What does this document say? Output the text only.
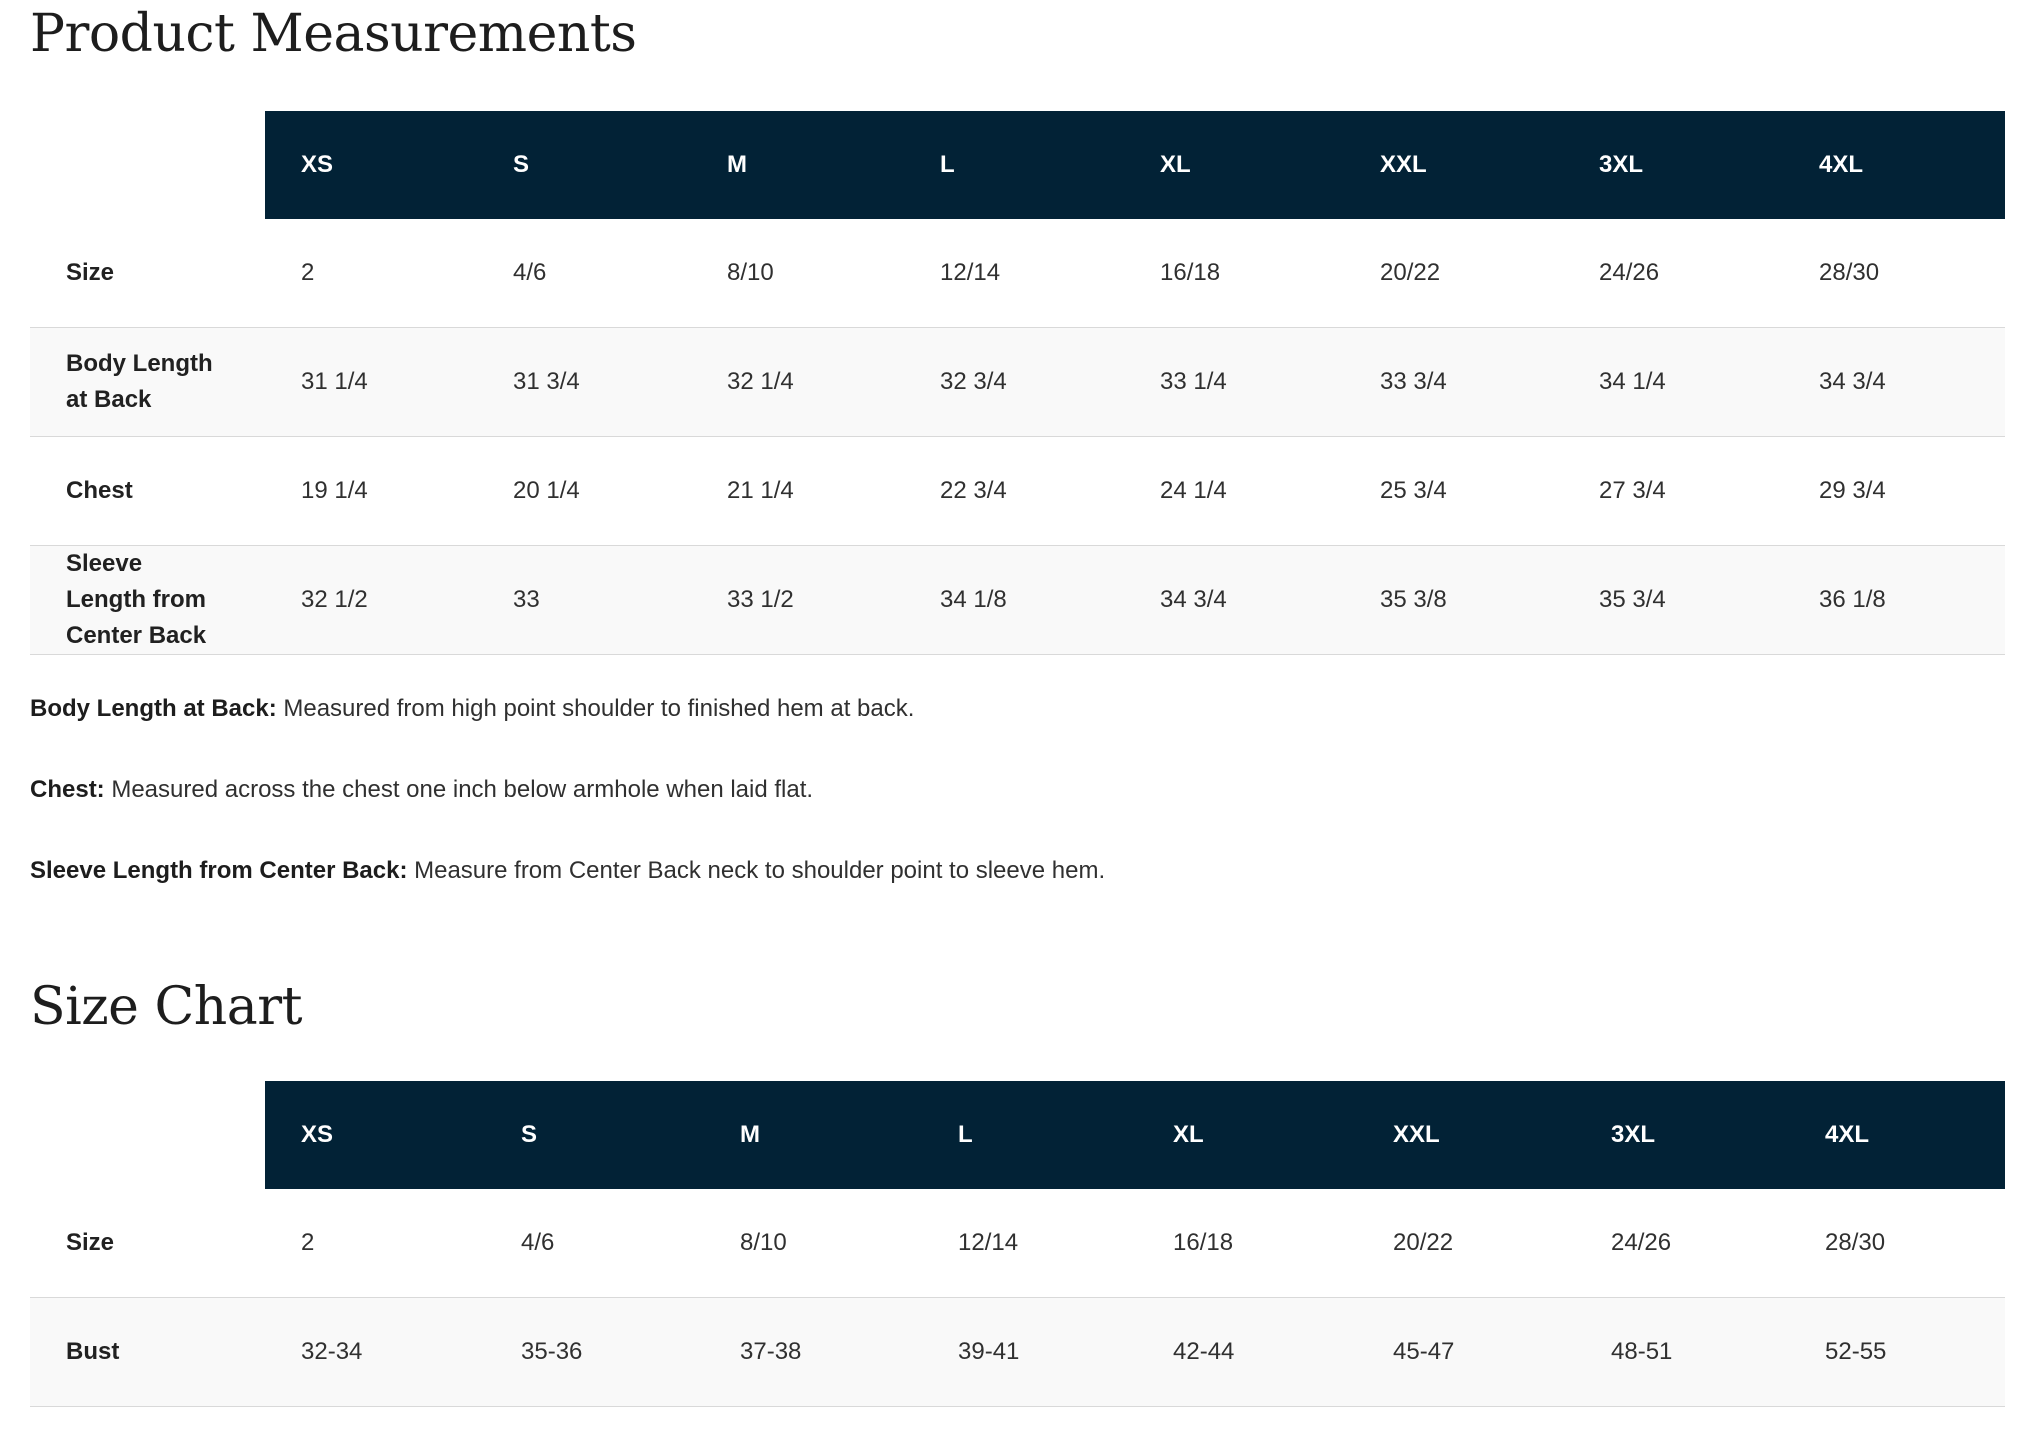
Product Measurements
	XS	S	M	L	XL	XXL	3XL	4XL
Size	2	4/6	8/10	12/14	16/18	20/22	24/26	28/30
Body Length at Back	31 1/4	31 3/4	32 1/4	32 3/4	33 1/4	33 3/4	34 1/4	34 3/4
Chest	19 1/4	20 1/4	21 1/4	22 3/4	24 1/4	25 3/4	27 3/4	29 3/4
Sleeve Length from Center Back	32 1/2	33	33 1/2	34 1/8	34 3/4	35 3/8	35 3/4	36 1/8

Body Length at Back: Measured from high point shoulder to finished hem at back.

Chest: Measured across the chest one inch below armhole when laid flat.

Sleeve Length from Center Back: Measure from Center Back neck to shoulder point to sleeve hem.

Size Chart
	XS	S	M	L	XL	XXL	3XL	4XL
Size	2	4/6	8/10	12/14	16/18	20/22	24/26	28/30
Bust	32-34	35-36	37-38	39-41	42-44	45-47	48-51	52-55
